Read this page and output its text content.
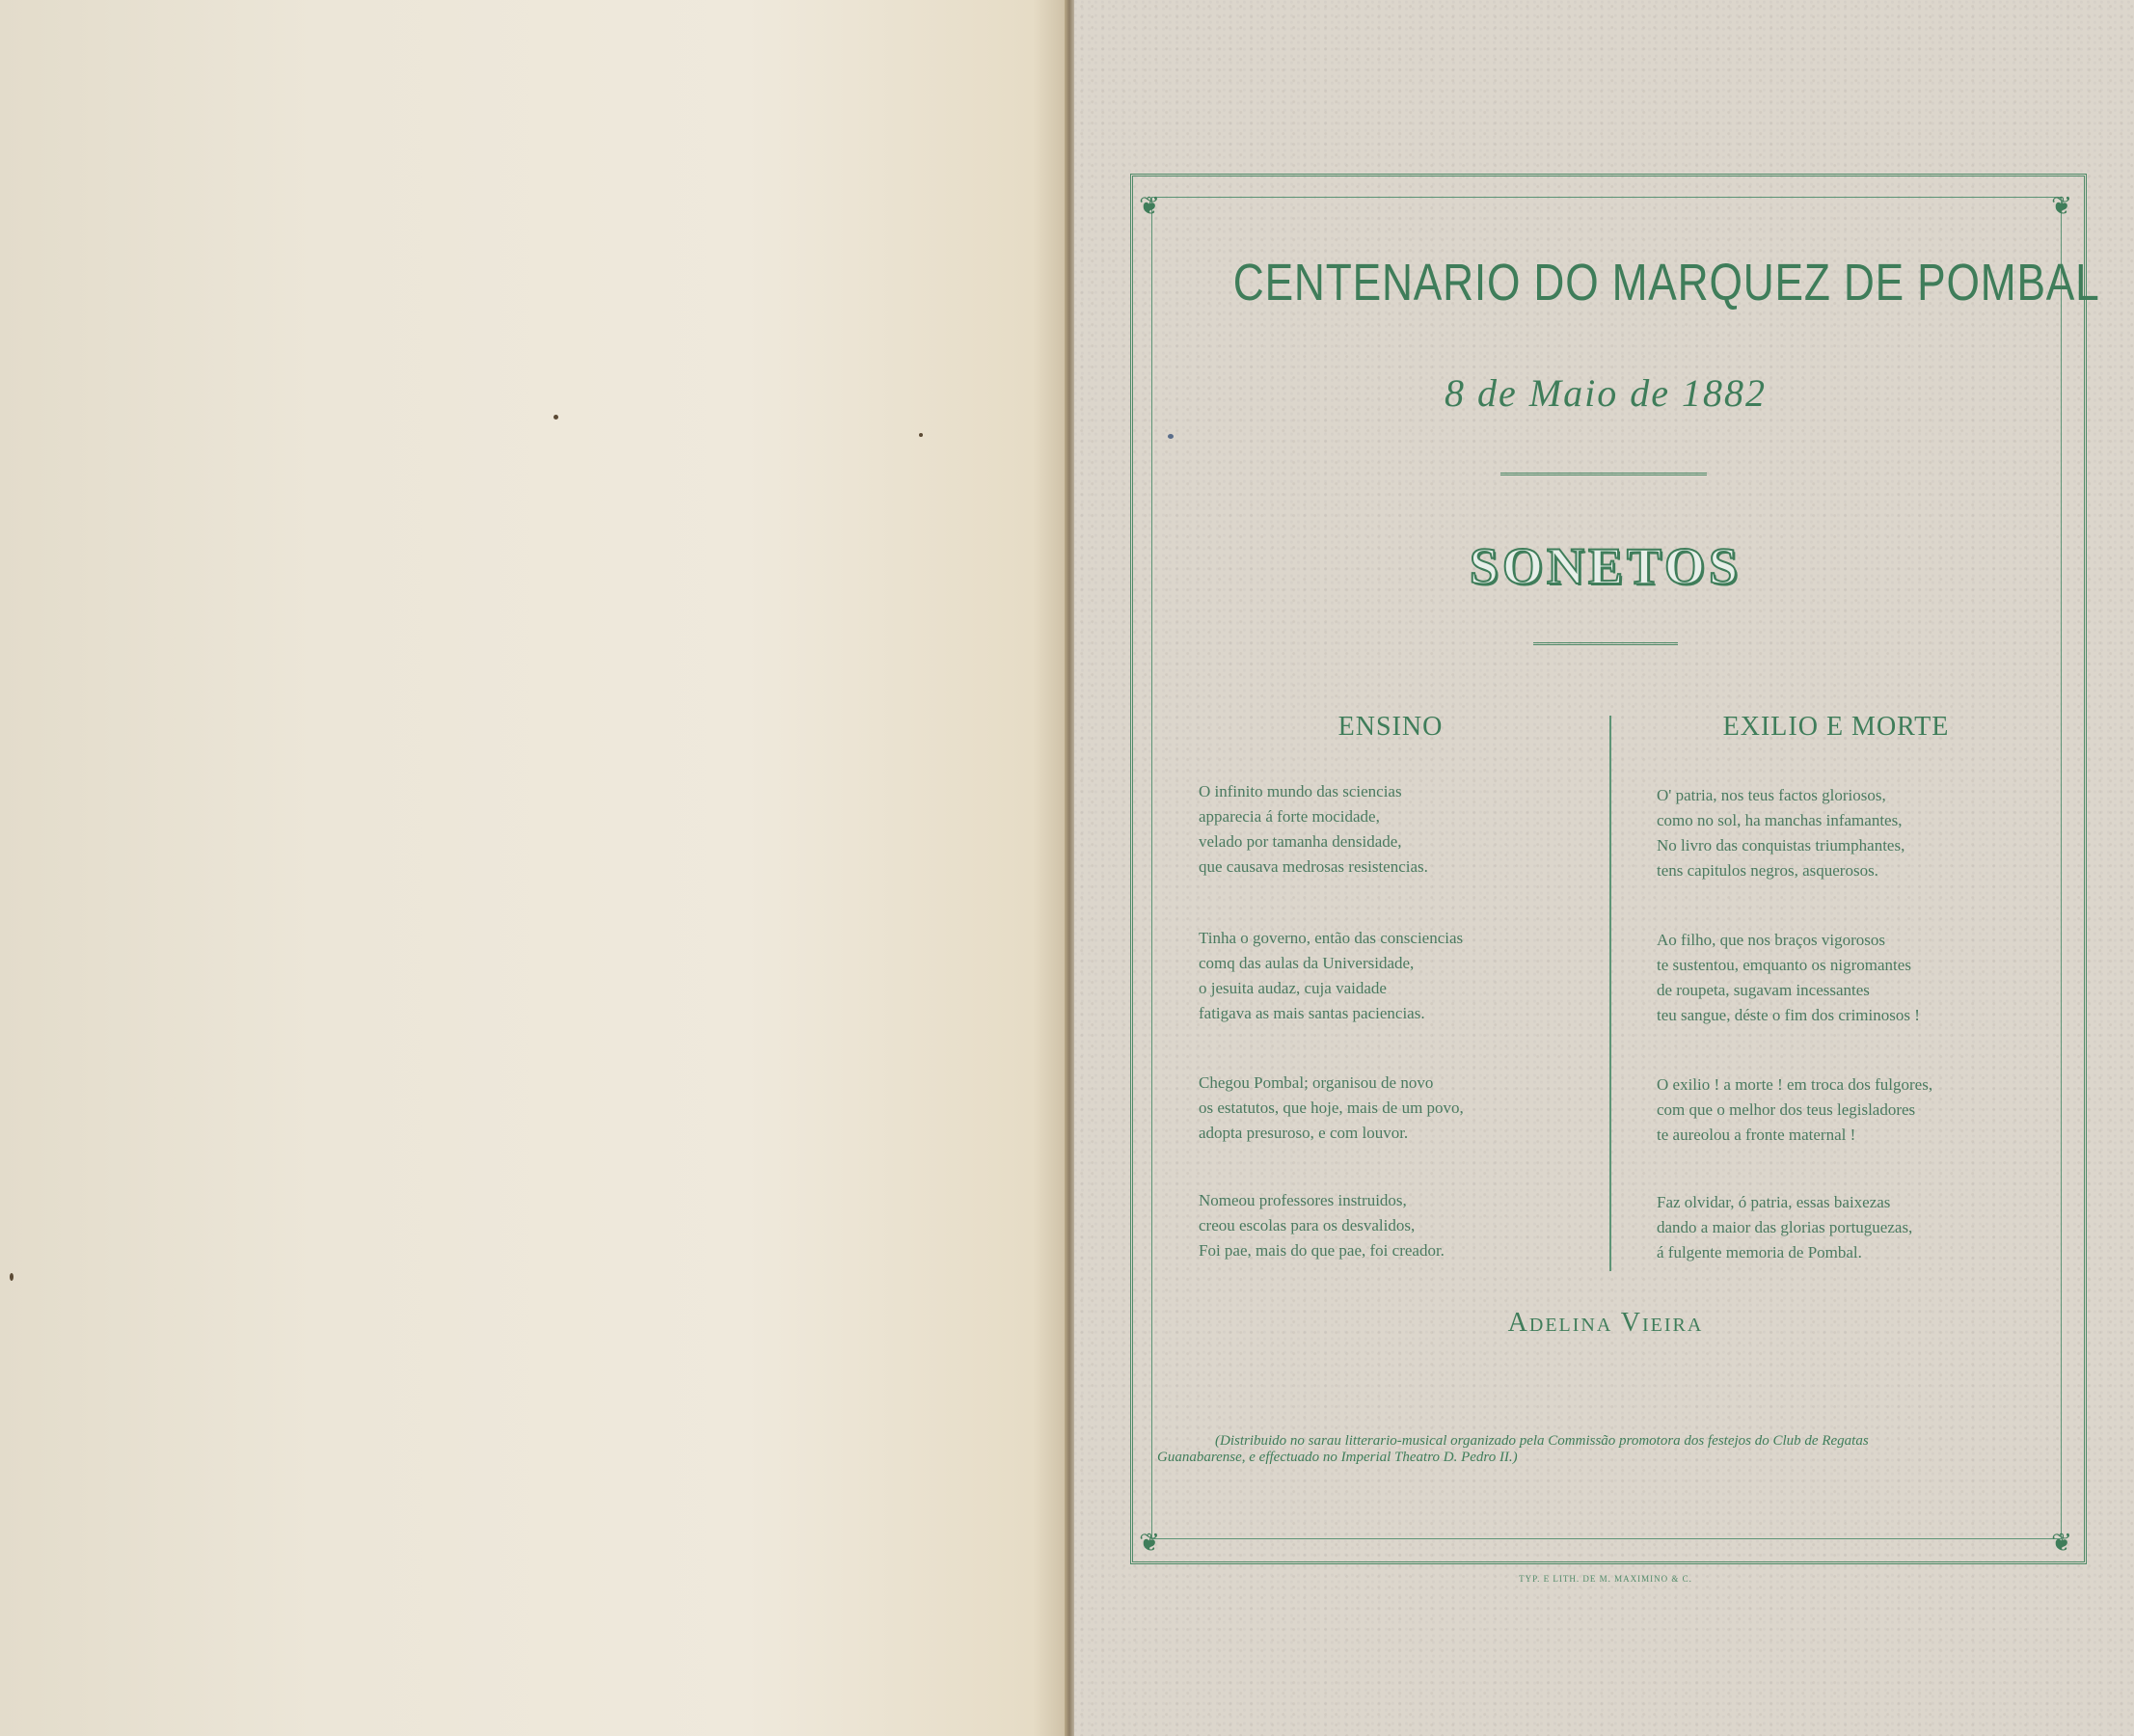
❦	❦
❦	❦
CENTENARIO DO MARQUEZ DE POMBAL
8 de Maio de 1882
SONETOS
ENSINO	EXILIO E MORTE
O infinito mundo das sciencias
apparecia á forte mocidade,
velado por tamanha densidade,
que causava medrosas resistencias.
Tinha o governo, então das consciencias
comq das aulas da Universidade,
o jesuita audaz, cuja vaidade
fatigava as mais santas paciencias.
Chegou Pombal; organisou de novo
os estatutos, que hoje, mais de um povo,
adopta presuroso, e com louvor.
Nomeou professores instruidos,
creou escolas para os desvalidos,
Foi pae, mais do que pae, foi creador.
O' patria, nos teus factos gloriosos,
como no sol, ha manchas infamantes,
No livro das conquistas triumphantes,
tens capitulos negros, asquerosos.
Ao filho, que nos braços vigorosos
te sustentou, emquanto os nigromantes
de roupeta, sugavam incessantes
teu sangue, déste o fim dos criminosos !
O exilio ! a morte ! em troca dos fulgores,
com que o melhor dos teus legisladores
te aureolou a fronte maternal !
Faz olvidar, ó patria, essas baixezas
dando a maior das glorias portuguezas,
á fulgente memoria de Pombal.
Adelina Vieira
(Distribuido no sarau litterario-musical organizado pela Commissão promotora dos festejos do Club de Regatas
Guanabarense, e effectuado no Imperial Theatro D. Pedro II.)
TYP. E LITH. DE M. MAXIMINO & C.
